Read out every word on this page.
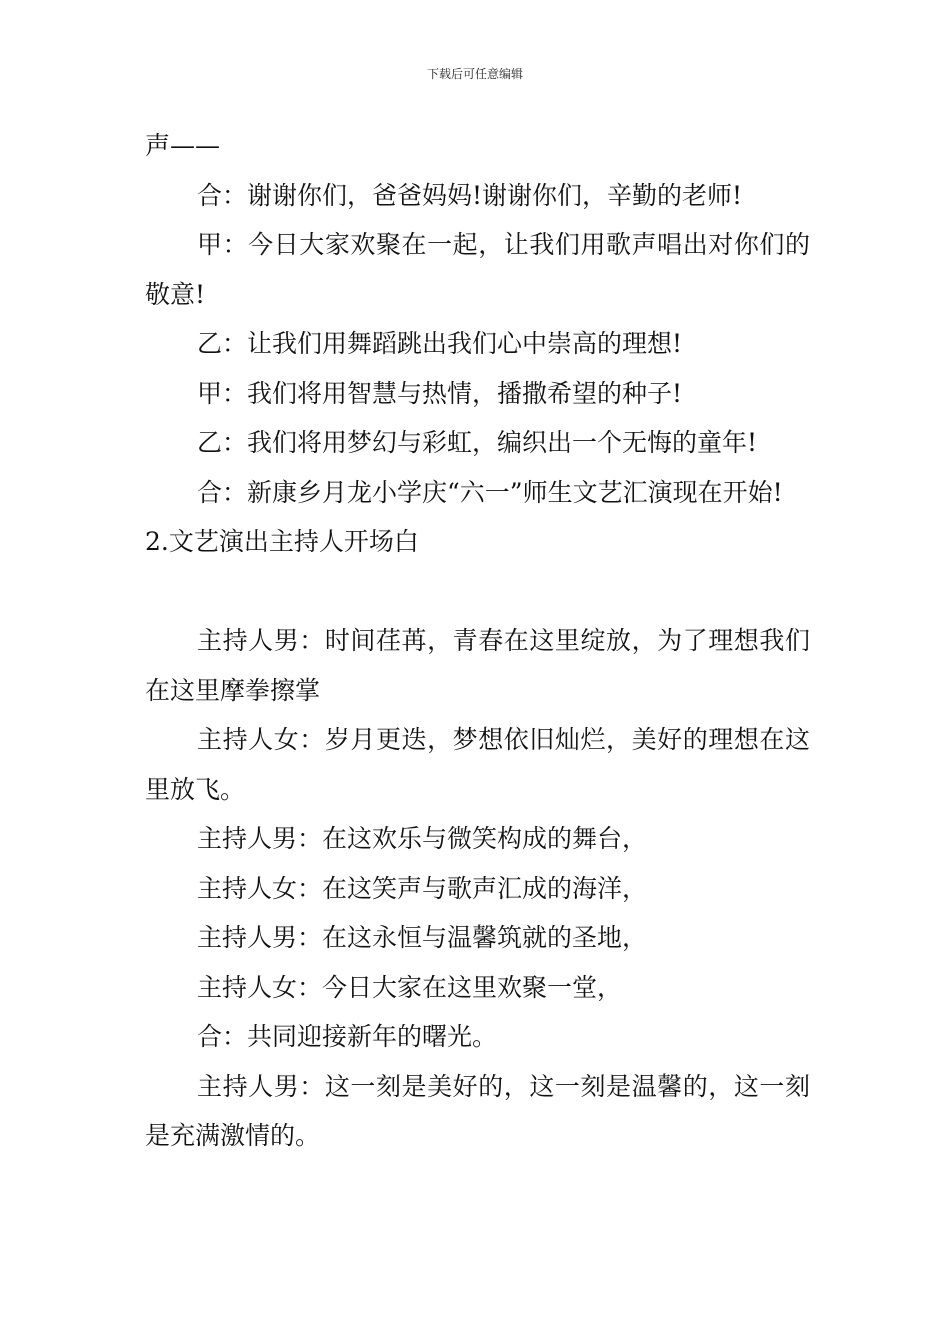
下载后可任意编辑

声——

合：谢谢你们，爸爸妈妈!谢谢你们，辛勤的老师!

甲：今日大家欢聚在一起，让我们用歌声唱出对你们的敬意!

乙：让我们用舞蹈跳出我们心中崇高的理想!

甲：我们将用智慧与热情，播撒希望的种子!

乙：我们将用梦幻与彩虹，编织出一个无悔的童年!

合：新康乡月龙小学庆“六一”师生文艺汇演现在开始!

2.文艺演出主持人开场白

主持人男：时间荏苒，青春在这里绽放，为了理想我们在这里摩拳擦掌

主持人女：岁月更迭，梦想依旧灿烂，美好的理想在这里放飞。

主持人男：在这欢乐与微笑构成的舞台，

主持人女：在这笑声与歌声汇成的海洋，

主持人男：在这永恒与温馨筑就的圣地，

主持人女：今日大家在这里欢聚一堂，

合：共同迎接新年的曙光。

主持人男：这一刻是美好的，这一刻是温馨的，这一刻是充满激情的。
